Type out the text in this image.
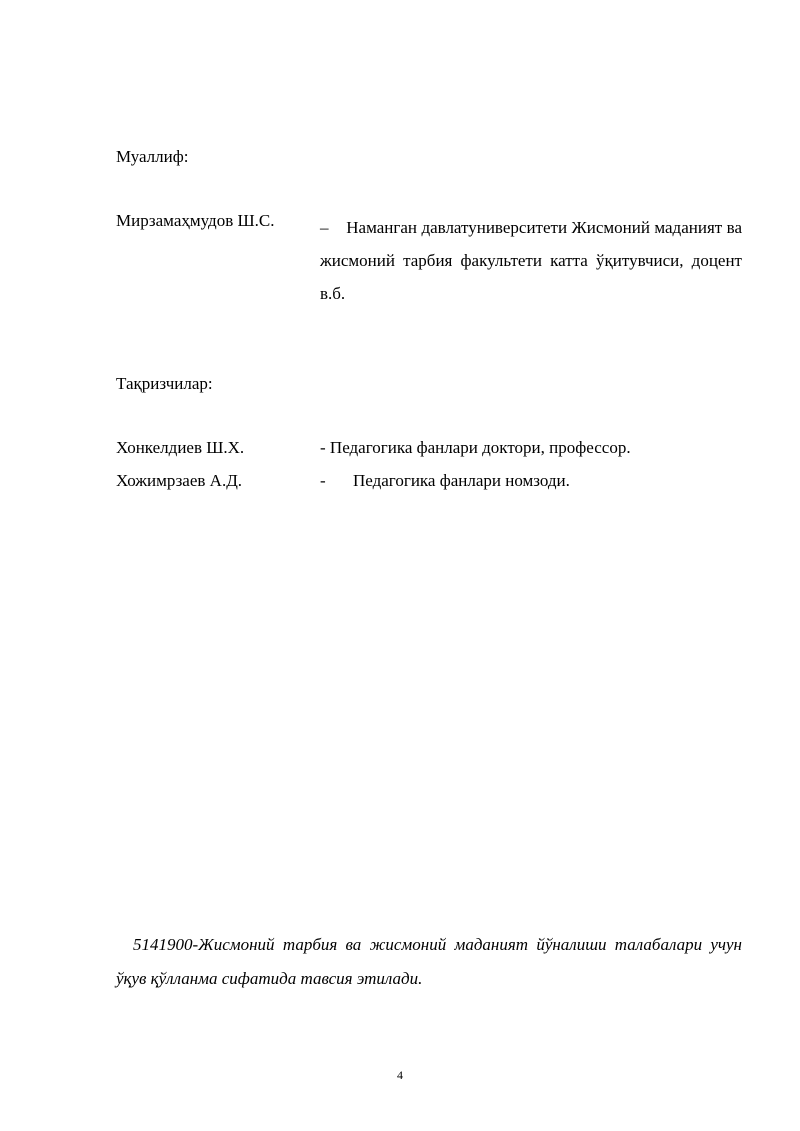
Муаллиф:
Мирзамаҳмудов Ш.С.	–    Наманган давлатуниверситети Жисмоний маданият ва жисмоний тарбия факультети катта ўқитувчиси, доцент в.б.
Тақризчилар:
Хонкелдиев Ш.Х.	- Педагогика фанлари доктори, профессор.
Хожимрзаев А.Д.	- Педагогика фанлари номзоди.
5141900-Жисмоний тарбия ва жисмоний маданият йўналиши талабалари учун ўқув қўлланма сифатида тавсия этилади.
4
